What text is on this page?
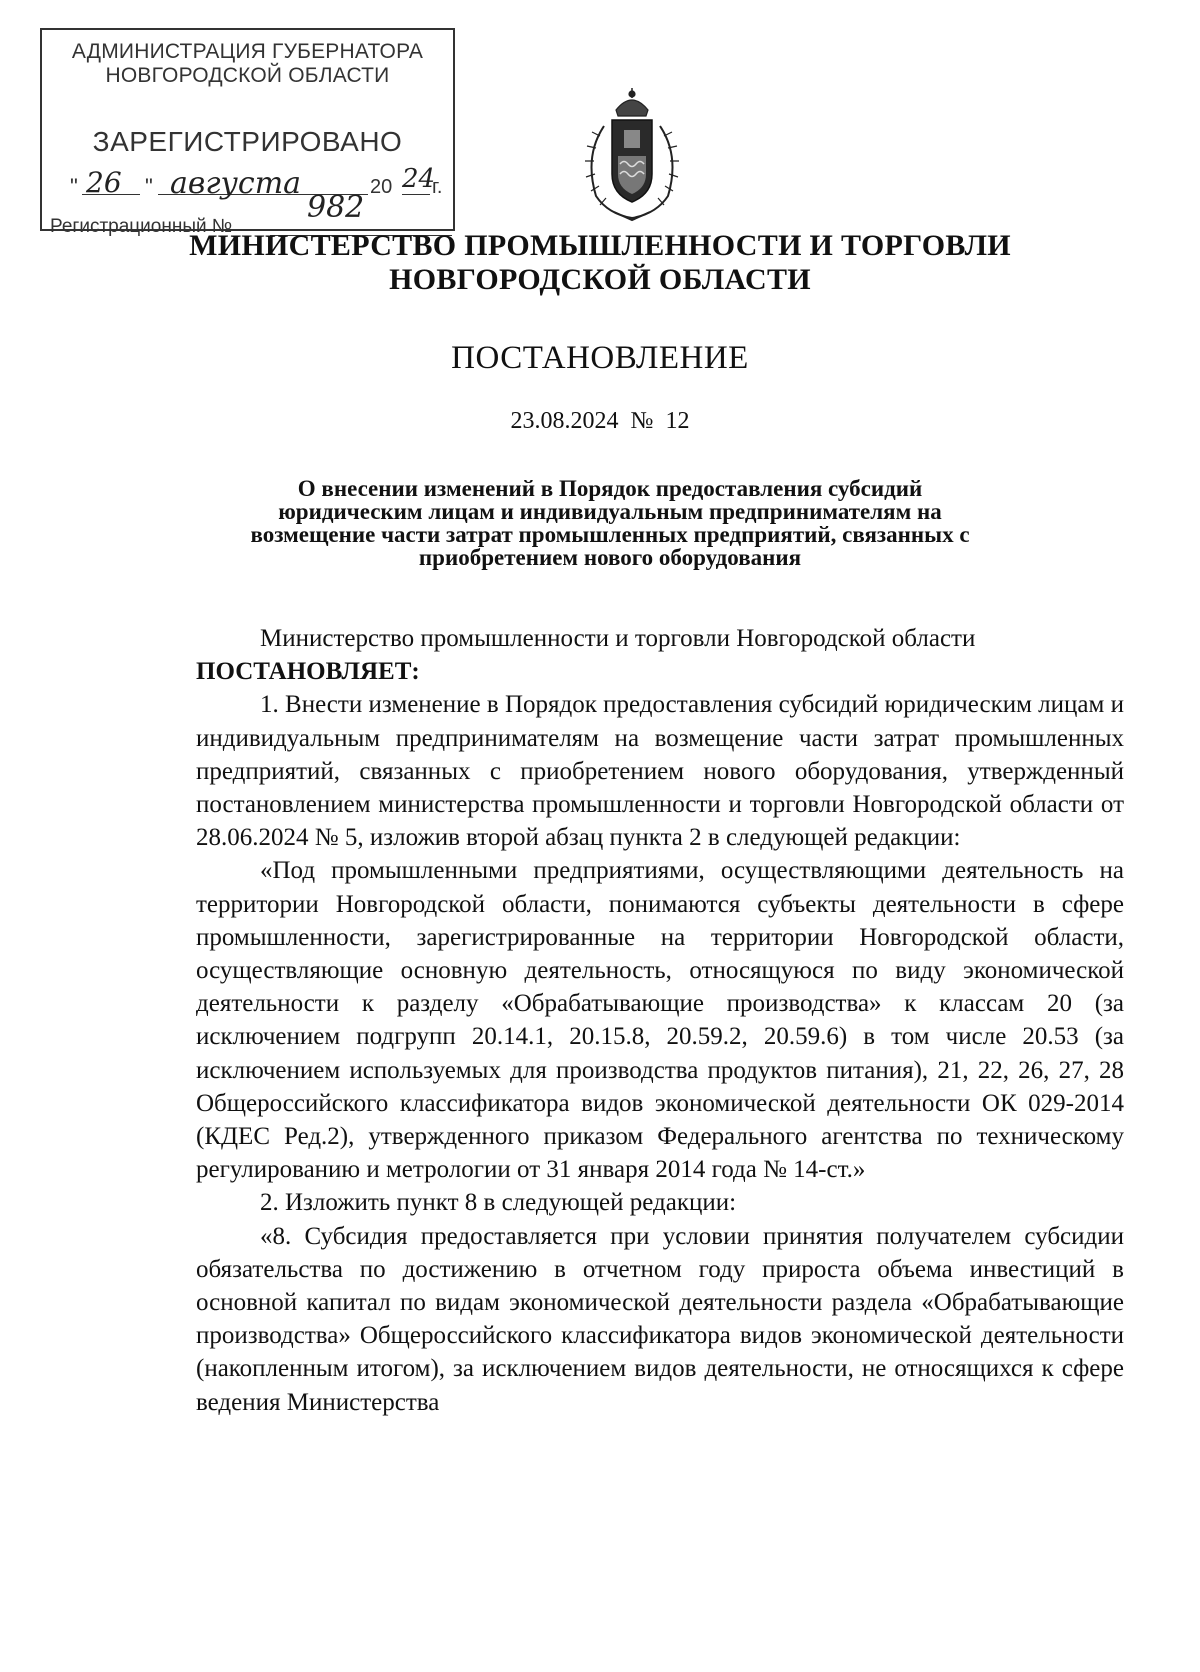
АДМИНИСТРАЦИЯ ГУБЕРНАТОРА
НОВГОРОДСКОЙ ОБЛАСТИ
ЗАРЕГИСТРИРОВАНО
" 26 " августа	20 24
г.
Регистрационный №
982
МИНИСТЕРСТВО ПРОМЫШЛЕННОСТИ И ТОРГОВЛИ
НОВГОРОДСКОЙ ОБЛАСТИ
ПОСТАНОВЛЕНИЕ
23.08.2024 № 12
О внесении изменений в Порядок предоставления субсидий юридическим лицам и индивидуальным предпринимателям на возмещение части затрат промышленных предприятий, связанных с приобретением нового оборудования

Министерство промышленности и торговли Новгородской области

ПОСТАНОВЛЯЕТ:

1. Внести изменение в Порядок предоставления субсидий юридическим лицам и индивидуальным предпринимателям на возмещение части затрат промышленных предприятий, связанных с приобретением нового оборудования, утвержденный постановлением министерства промышленности и торговли Новгородской области от 28.06.2024 № 5, изложив второй абзац пункта 2 в следующей редакции:

«Под промышленными предприятиями, осуществляющими деятельность на территории Новгородской области, понимаются субъекты деятельности в сфере промышленности, зарегистрированные на территории Новгородской области, осуществляющие основную деятельность, относящуюся по виду экономической деятельности к разделу «Обрабатывающие производства» к классам 20 (за исключением подгрупп 20.14.1, 20.15.8, 20.59.2, 20.59.6) в том числе 20.53 (за исключением используемых для производства продуктов питания), 21, 22, 26, 27, 28 Общероссийского классификатора видов экономической деятельности ОК 029-2014 (КДЕС Ред.2), утвержденного приказом Федерального агентства по техническому регулированию и метрологии от 31 января 2014 года № 14-ст.»

2. Изложить пункт 8 в следующей редакции:

«8. Субсидия предоставляется при условии принятия получателем субсидии обязательства по достижению в отчетном году прироста объема инвестиций в основной капитал по видам экономической деятельности раздела «Обрабатывающие производства» Общероссийского классификатора видов экономической деятельности (накопленным итогом), за исключением видов деятельности, не относящихся к сфере ведения Министерства
